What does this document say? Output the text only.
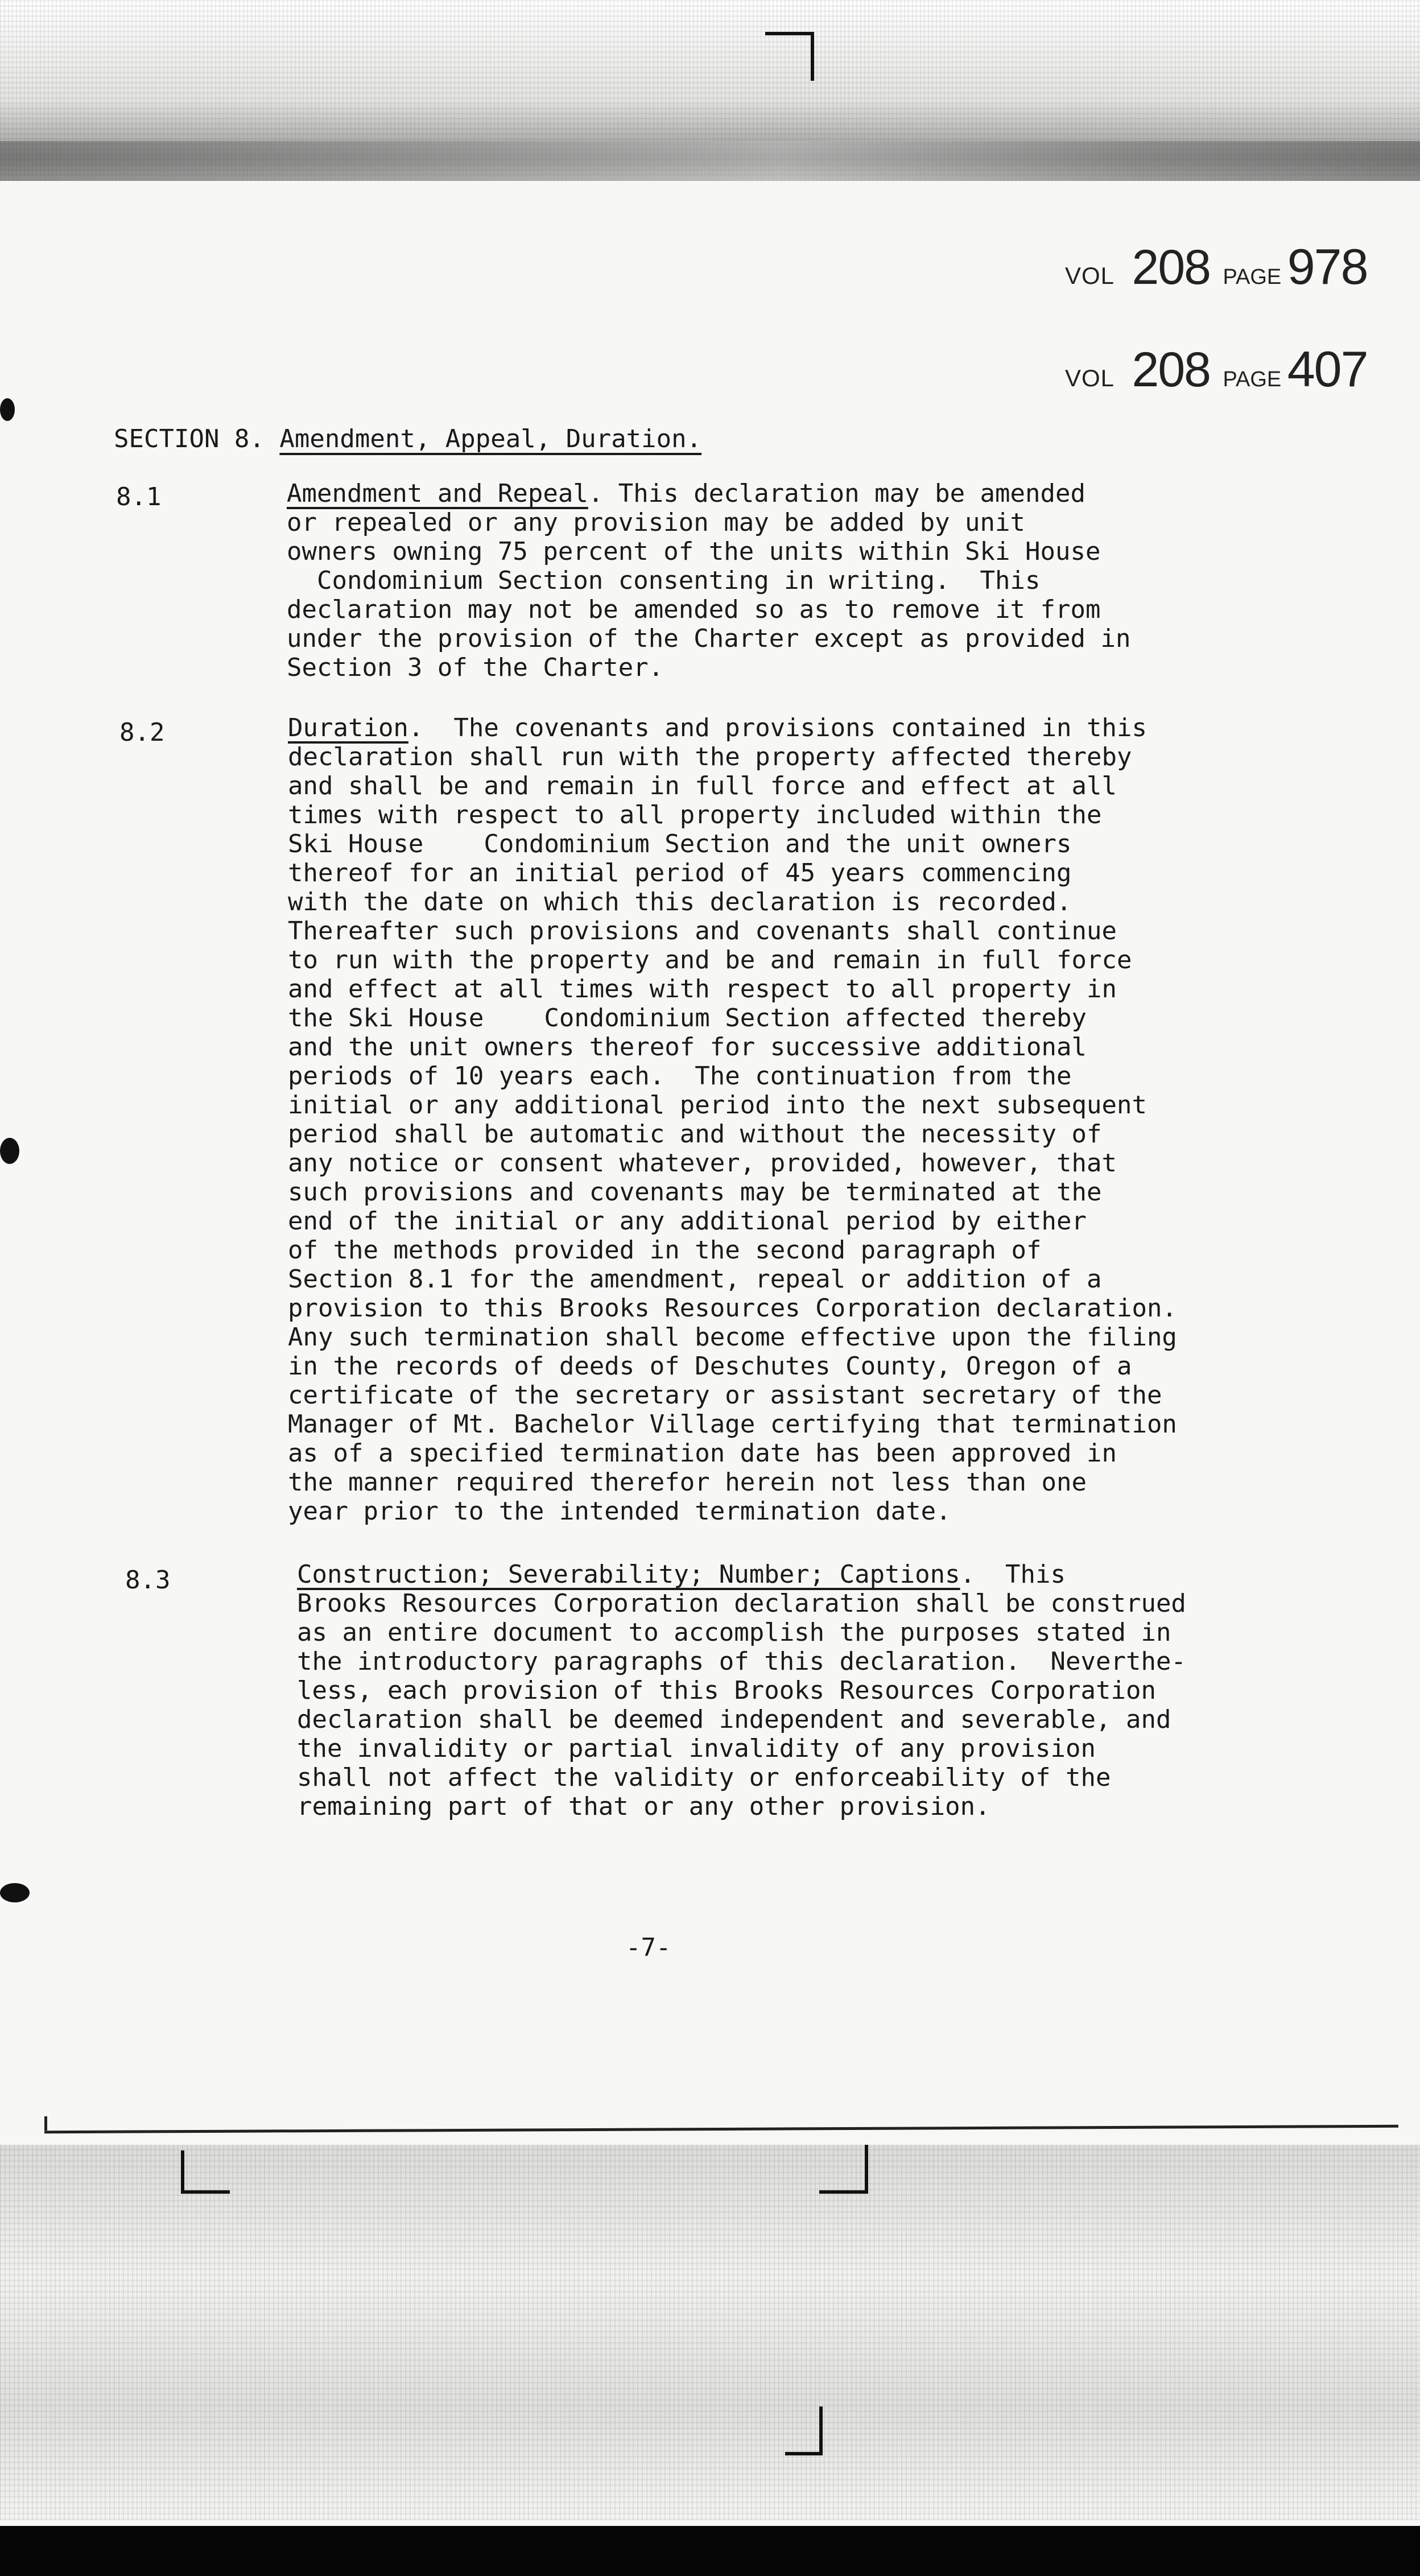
VOL 208 PAGE 978
VOL 208 PAGE 407
SECTION 8. Amendment, Appeal, Duration.
8.1	Amendment and Repeal. This declaration may be amended
or repealed or any provision may be added by unit
owners owning 75 percent of the units within Ski House
Condominium Section consenting in writing.  This
declaration may not be amended so as to remove it from
under the provision of the Charter except as provided in
Section 3 of the Charter.
8.2	Duration.  The covenants and provisions contained in this
declaration shall run with the property affected thereby
and shall be and remain in full force and effect at all
times with respect to all property included within the
Ski House    Condominium Section and the unit owners
thereof for an initial period of 45 years commencing
with the date on which this declaration is recorded.
Thereafter such provisions and covenants shall continue
to run with the property and be and remain in full force
and effect at all times with respect to all property in
the Ski House    Condominium Section affected thereby
and the unit owners thereof for successive additional
periods of 10 years each.  The continuation from the
initial or any additional period into the next subsequent
period shall be automatic and without the necessity of
any notice or consent whatever, provided, however, that
such provisions and covenants may be terminated at the
end of the initial or any additional period by either
of the methods provided in the second paragraph of
Section 8.1 for the amendment, repeal or addition of a
provision to this Brooks Resources Corporation declaration.
Any such termination shall become effective upon the filing
in the records of deeds of Deschutes County, Oregon of a
certificate of the secretary or assistant secretary of the
Manager of Mt. Bachelor Village certifying that termination
as of a specified termination date has been approved in
the manner required therefor herein not less than one
year prior to the intended termination date.
8.3	Construction; Severability; Number; Captions.  This
Brooks Resources Corporation declaration shall be construed
as an entire document to accomplish the purposes stated in
the introductory paragraphs of this declaration.  Neverthe-
less, each provision of this Brooks Resources Corporation
declaration shall be deemed independent and severable, and
the invalidity or partial invalidity of any provision
shall not affect the validity or enforceability of the
remaining part of that or any other provision.
-7-
